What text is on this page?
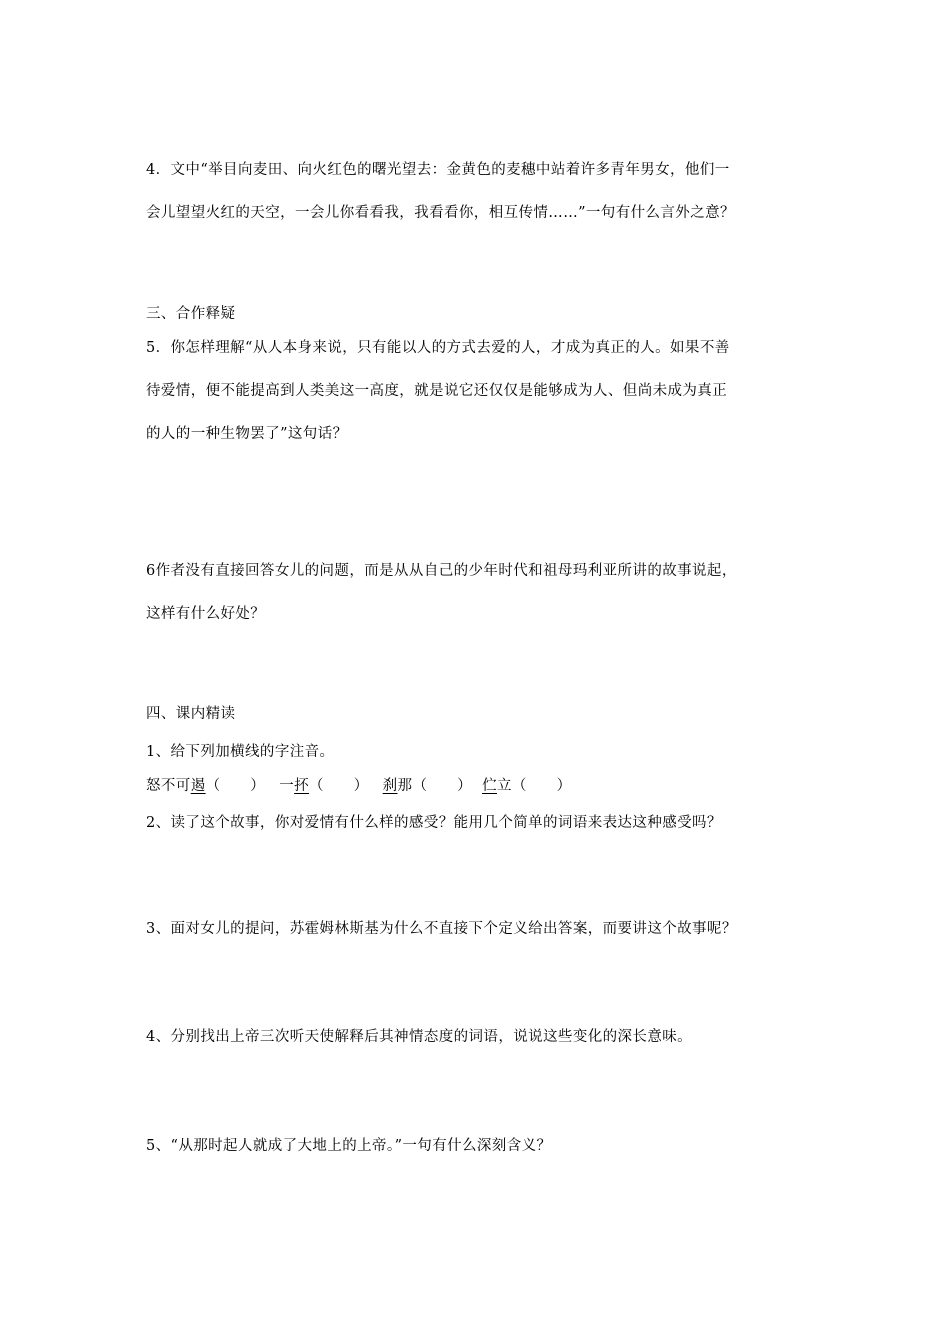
4．文中“举目向麦田、向火红色的曙光望去：金黄色的麦穗中站着许多青年男女，他们一
会儿望望火红的天空，一会儿你看看我，我看看你，相互传情……”一句有什么言外之意？
三、合作释疑
5．你怎样理解“从人本身来说，只有能以人的方式去爱的人，才成为真正的人。如果不善
待爱情，便不能提高到人类美这一高度，就是说它还仅仅是能够成为人、但尚未成为真正
的人的一种生物罢了”这句话？
6作者没有直接回答女儿的问题，而是从从自己的少年时代和祖母玛利亚所讲的故事说起，
这样有什么好处？
四、课内精读
1、给下列加横线的字注音。
怒不可遏（　　） 一抔（　　） 刹那（　　） 伫立（　　）
2、读了这个故事，你对爱情有什么样的感受？能用几个简单的词语来表达这种感受吗？
3、面对女儿的提问，苏霍姆林斯基为什么不直接下个定义给出答案，而要讲这个故事呢？
4、分别找出上帝三次听天使解释后其神情态度的词语，说说这些变化的深长意味。
5、“从那时起人就成了大地上的上帝。”一句有什么深刻含义？
